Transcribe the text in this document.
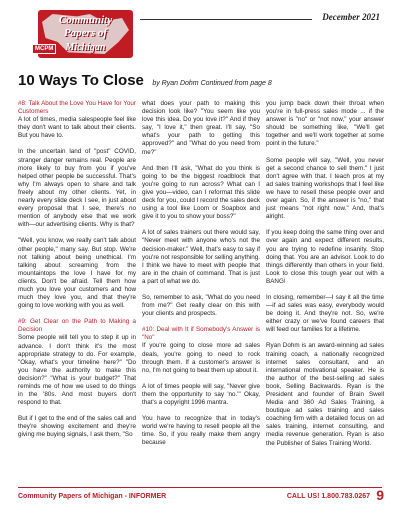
Community
Papers of
Michigan
MCPM
December 2021
10 Ways To Close by Ryan Dohm Continued from page 8

#8: Talk About the Love You Have for Your Customers
A lot of times, media salespeople feel like they don't want to talk about their clients. But you have to.

In the uncertain land of "post" COVID, stranger danger remains real. People are more likely to buy from you if you've helped other people be successful. That's why I'm always open to share and talk freely about my other clients. Yet, in nearly every slide deck I see, in just about every proposal that I see, there's no mention of anybody else that we work with—our advertising clients. Why is that?

"Well, you know, we really can't talk about other people," many say. But stop. We're not talking about being unethical. I'm talking about screaming from the mountaintops the love I have for my clients. Don't be afraid. Tell them how much you love your customers and how much they love you, and that they're going to love working with you as well.

#9: Get Clear on the Path to Making a Decision
Some people will tell you to step it up in advance. I don't think it's the most appropriate strategy to do. For example, "Okay, what's your timeline here?" "Do you have the authority to make this decision?" "What is your budget?" That reminds me of how we used to do things in the '80s. And most buyers don't respond to that.

But if I get to the end of the sales call and they're showing excitement and they're giving me buying signals, I ask them, "So

what does your path to making this decision look like? "You seem like you love this idea. Do you love it?" And if they say, "I love it," then great. I'll say, "So what's your path to getting this approved?" and "What do you need from me?"

And then I'll ask, "What do you think is going to be the biggest roadblock that you're going to run across? What can I give you—video, can I reformat this slide deck for you, could I record the sales deck using a tool like Loom or Soapbox and give it to you to show your boss?"

A lot of sales trainers out there would say, "Never meet with anyone who's not the decision-maker." Well, that's easy to say if you're not responsible for selling anything. I think we have to meet with people that are in the chain of command. That is just a part of what we do.

So, remember to ask, "What do you need from me?" Get really clear on this with your clients and prospects.

#10: Deal with It if Somebody's Answer is "No"
If you're going to close more ad sales deals, you're going to need to rock through them. If a customer's answer is no, I'm not going to beat them up about it.

A lot of times people will say, "Never give them the opportunity to say 'no.'" Okay, that's a copyright 1996 mantra.

You have to recognize that in today's world we're having to resell people all the time. So, if you really make them angry because

you jump back down their throat when you're in full-press sales mode ... if the answer is "no" or "not now," your answer should be something like, "We'll get together and we'll work together at some point in the future."

Some people will say, "Well, you never get a second chance to sell them." I just don't agree with that. I teach pros at my ad sales training workshops that I feel like we have to resell these people over and over again. So, if the answer is "no," that just means "not right now." And, that's alright.

If you keep doing the same thing over and over again and expect different results, you are trying to redefine insanity. Stop doing that. You are an advisor. Look to do things differently than others in your field. Look to close this tough year out with a BANG!

In closing, remember—I say it all the time—if ad sales was easy, everybody would be doing it. And they're not. So, we're either crazy or we've found careers that will feed our families for a lifetime.

Ryan Dohm is an award-winning ad sales training coach, a nationally recognized internet sales consultant, and an international motivational speaker. He is the author of the best-selling ad sales book, Selling Backwards. Ryan is the President and founder of Brain Swell Media and 360 Ad Sales Training, a boutique ad sales training and sales coaching firm with a detailed focus on ad sales training, internet consulting, and media revenue generation. Ryan is also the Publisher of Sales Training World.

Community Papers of Michigan - INFORMER	CALL US! 1.800.783.0267 9
